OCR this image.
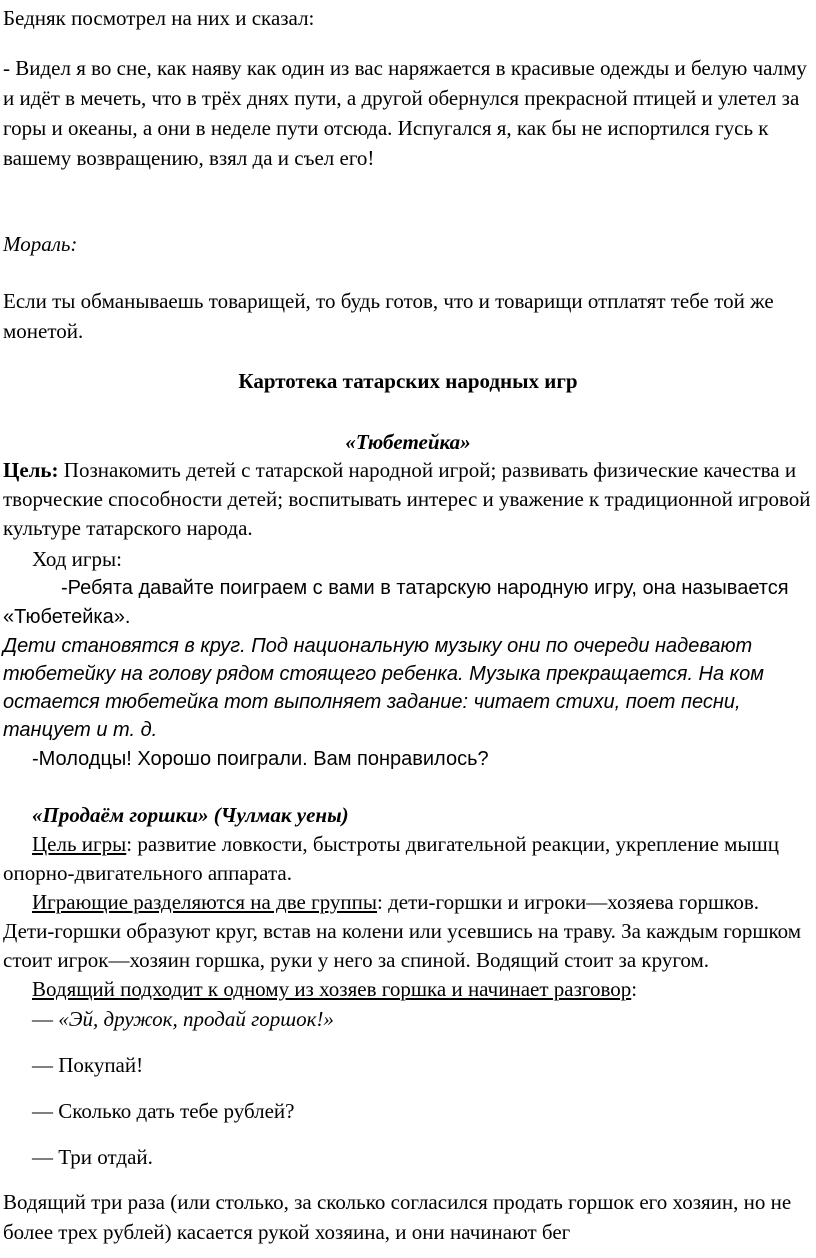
Бедняк посмотрел на них и сказал:

- Видел я во сне, как наяву как один из вас наряжается в красивые одежды и белую чалму и идёт в мечеть, что в трёх днях пути, а другой обернулся прекрасной птицей и улетел за горы и океаны, а они в неделе пути отсюда. Испугался я, как бы не испортился гусь к вашему возвращению, взял да и съел его!

Мораль:

Если ты обманываешь товарищей, то будь готов, что и товарищи отплатят тебе той же монетой.

Картотека татарских народных игр

«Тюбетейка»

Цель: Познакомить детей с татарской народной игрой; развивать физические качества и творческие способности детей; воспитывать интерес и уважение к традиционной игровой культуре татарского народа.

Ход игры:

-Ребята давайте поиграем с вами в татарскую народную игру, она называется «Тюбетейка».

Дети становятся в круг. Под национальную музыку они по очереди надевают тюбетейку на голову рядом стоящего ребенка. Музыка прекращается. На ком остается тюбетейка тот выполняет задание: читает стихи, поет песни, танцует и т. д.

-Молодцы! Хорошо поиграли. Вам понравилось?

«Продаём горшки» (Чулмак уены)

Цель игры: развитие ловкости, быстроты двигательной реакции, укрепление мышц опорно-двигательного аппарата.

Играющие разделяются на две группы: дети-горшки и игроки—хозяева горшков. Дети-горшки образуют круг, встав на колени или усевшись на траву. За каждым горшком стоит игрок—хозяин горшка, руки у него за спиной. Водящий стоит за кругом.

Водящий подходит к одному из хозяев горшка и начинает разговор:

— «Эй, дружок, продай горшок!»

— Покупай!

— Сколько дать тебе рублей?

— Три отдай.

Водящий три раза (или столько, за сколько согласился продать горшок его хозяин, но не более трех рублей) касается рукой хозяина, и они начинают бег
